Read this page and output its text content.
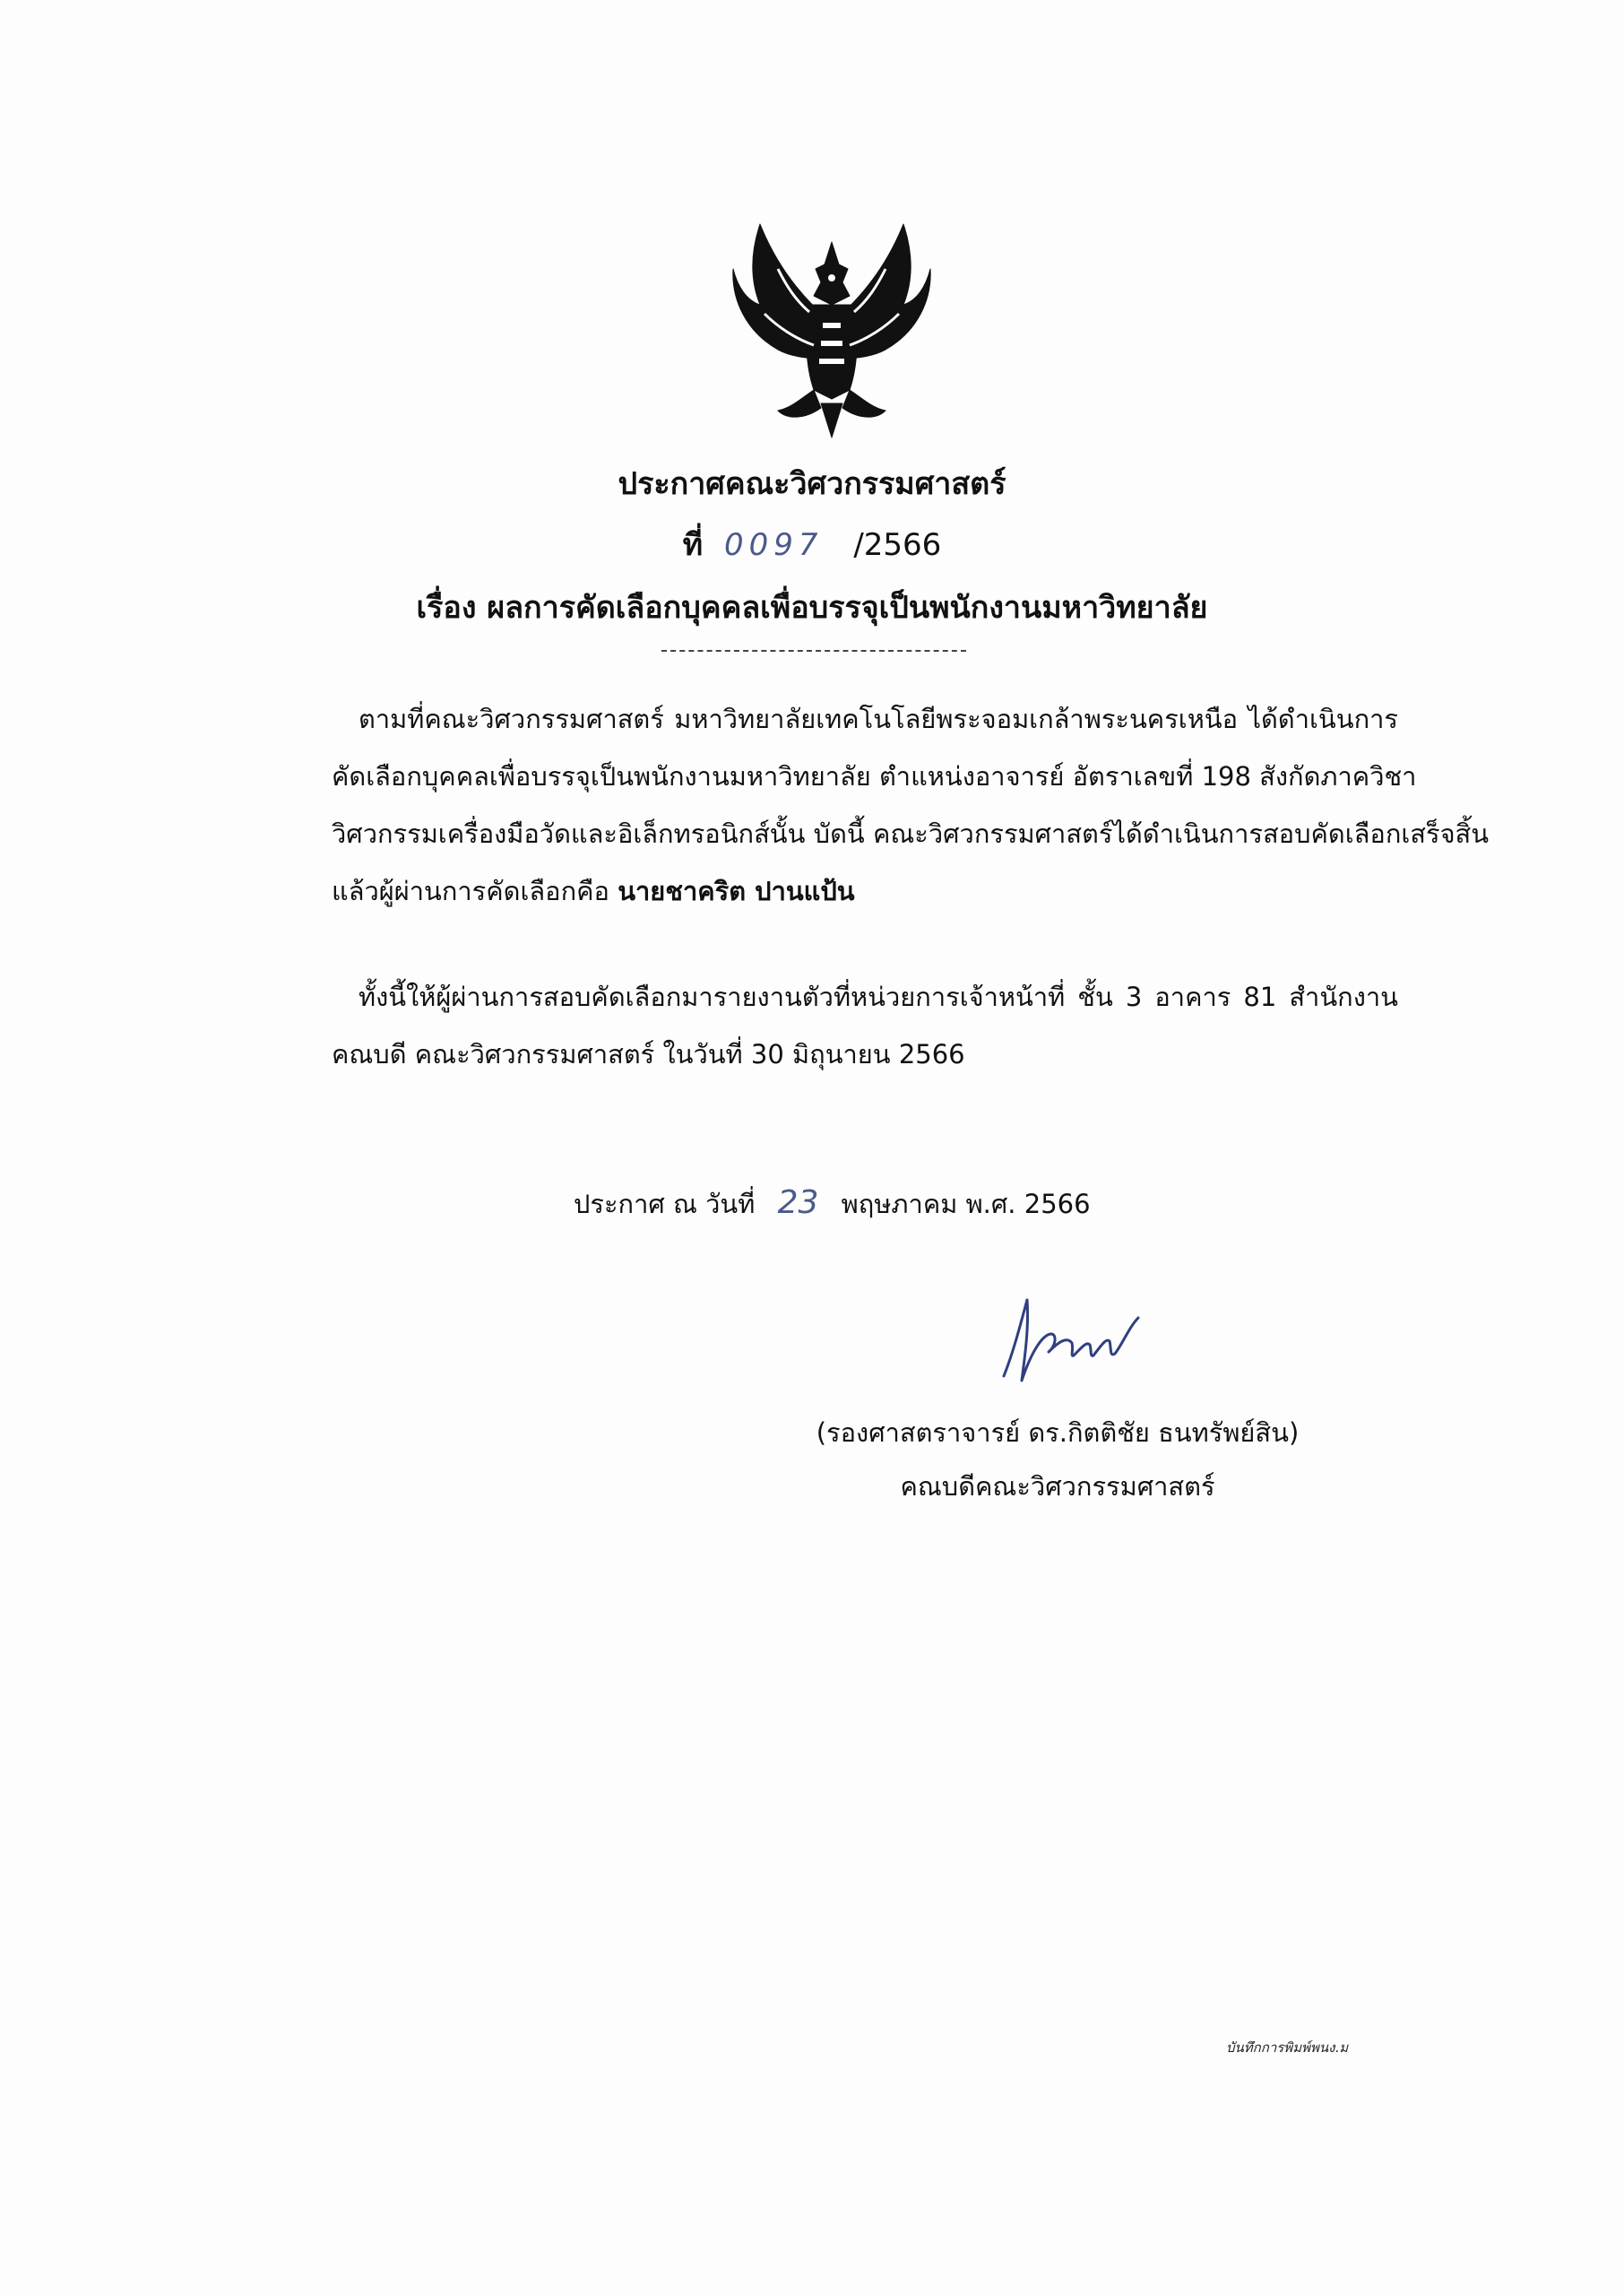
ประกาศคณะวิศวกรรมศาสตร์
ที่ 0097 /2566
เรื่อง ผลการคัดเลือกบุคคลเพื่อบรรจุเป็นพนักงานมหาวิทยาลัย
ตามที่คณะวิศวกรรมศาสตร์ มหาวิทยาลัยเทคโนโลยีพระจอมเกล้าพระนครเหนือ ได้ดำเนินการ
คัดเลือกบุคคลเพื่อบรรจุเป็นพนักงานมหาวิทยาลัย ตำแหน่งอาจารย์ อัตราเลขที่ 198 สังกัดภาควิชา
วิศวกรรมเครื่องมือวัดและอิเล็กทรอนิกส์นั้น บัดนี้ คณะวิศวกรรมศาสตร์ได้ดำเนินการสอบคัดเลือกเสร็จสิ้น
แล้วผู้ผ่านการคัดเลือกคือ นายชาคริต ปานแป้น
ทั้งนี้ให้ผู้ผ่านการสอบคัดเลือกมารายงานตัวที่หน่วยการเจ้าหน้าที่ ชั้น 3 อาคาร 81 สำนักงาน
คณบดี คณะวิศวกรรมศาสตร์ ในวันที่ 30 มิถุนายน 2566
ประกาศ ณ วันที่ 23 พฤษภาคม พ.ศ. 2566
(รองศาสตราจารย์ ดร.กิตติชัย ธนทรัพย์สิน)
คณบดีคณะวิศวกรรมศาสตร์
บันทึกการพิมพ์พนง.ม
